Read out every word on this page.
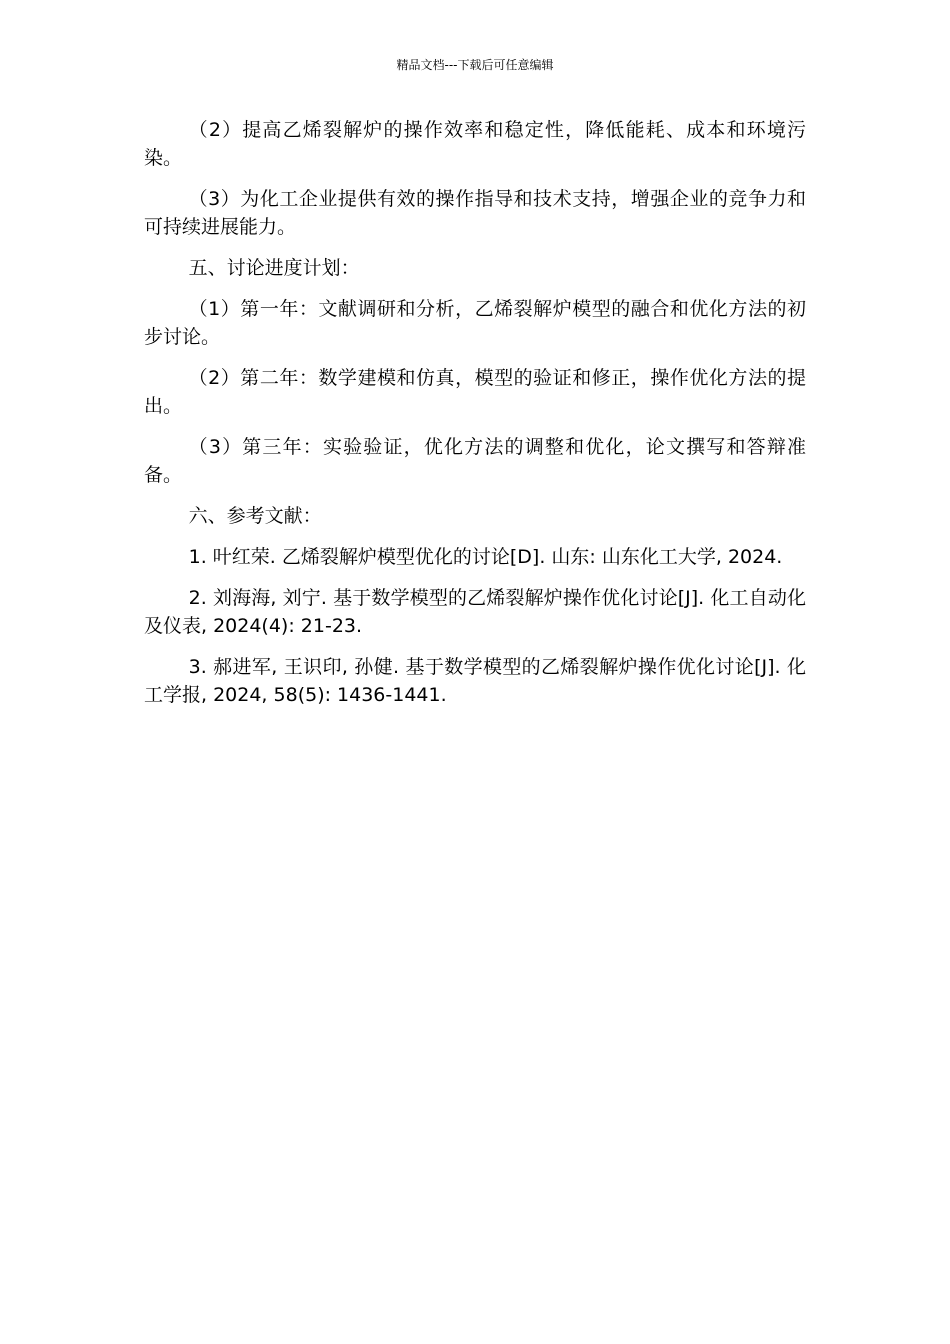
精品文档---下载后可任意编辑

（2）提高乙烯裂解炉的操作效率和稳定性，降低能耗、成本和环境污染。

（3）为化工企业提供有效的操作指导和技术支持，增强企业的竞争力和可持续进展能力。

五、讨论进度计划：

（1）第一年：文献调研和分析，乙烯裂解炉模型的融合和优化方法的初步讨论。

（2）第二年：数学建模和仿真，模型的验证和修正，操作优化方法的提出。

（3）第三年：实验验证，优化方法的调整和优化，论文撰写和答辩准备。

六、参考文献：

1. 叶红荣. 乙烯裂解炉模型优化的讨论[D]. 山东: 山东化工大学, 2024.

2. 刘海海, 刘宁. 基于数学模型的乙烯裂解炉操作优化讨论[J]. 化工自动化及仪表, 2024(4): 21-23.

3. 郝进军, 王识印, 孙健. 基于数学模型的乙烯裂解炉操作优化讨论[J]. 化工学报, 2024, 58(5): 1436-1441.
